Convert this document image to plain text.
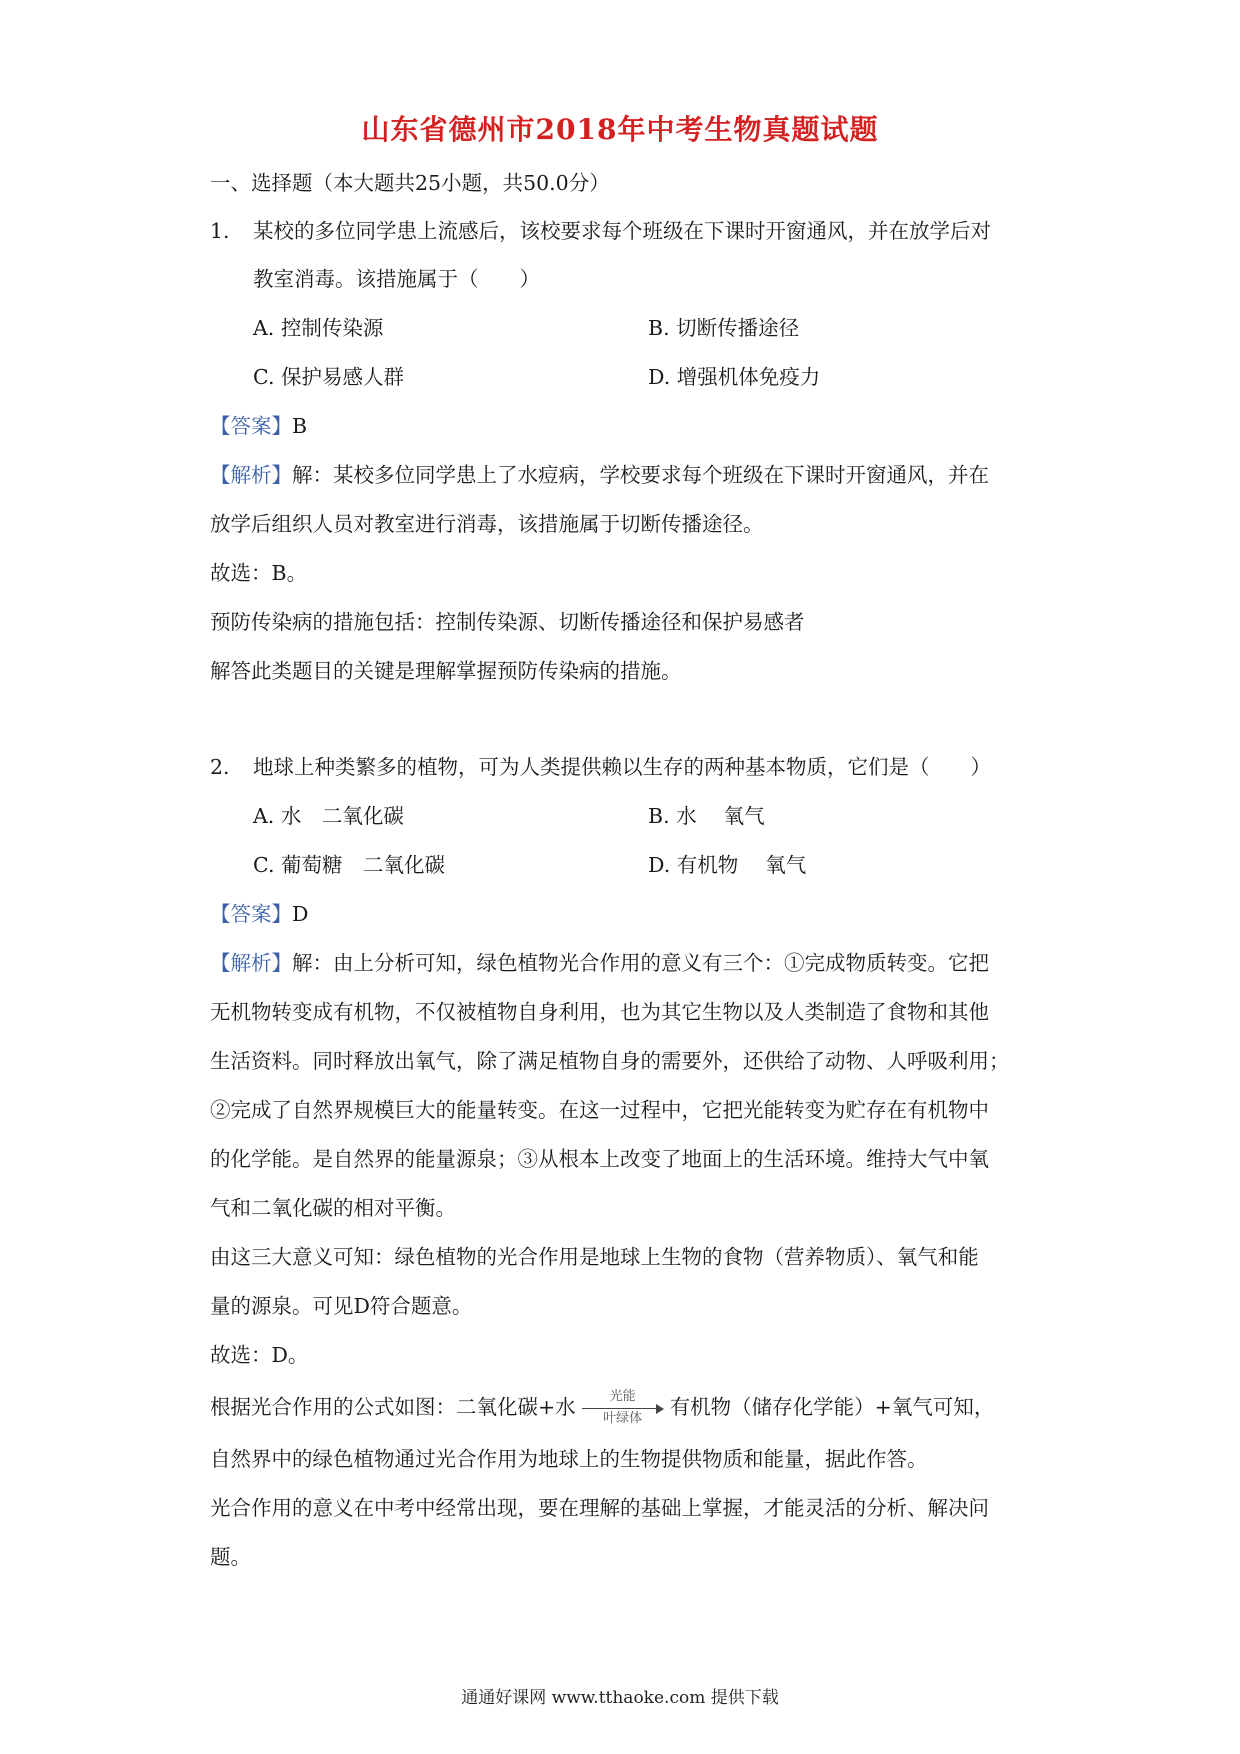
山东省德州市2018年中考生物真题试题
一、选择题（本大题共25小题，共50.0分）
1. 某校的多位同学患上流感后，该校要求每个班级在下课时开窗通风，并在放学后对
教室消毒。该措施属于（　　）
A. 控制传染源	B. 切断传播途径
C. 保护易感人群	D. 增强机体免疫力
【答案】B
【解析】解：某校多位同学患上了水痘病，学校要求每个班级在下课时开窗通风，并在
放学后组织人员对教室进行消毒，该措施属于切断传播途径。
故选：B。
预防传染病的措施包括：控制传染源、切断传播途径和保护易感者
解答此类题目的关键是理解掌握预防传染病的措施。
2. 地球上种类繁多的植物，可为人类提供赖以生存的两种基本物质，它们是（　　）
A. 水　二氧化碳	B. 水　 氧气
C. 葡萄糖　二氧化碳	D. 有机物　 氧气
【答案】D
【解析】解：由上分析可知，绿色植物光合作用的意义有三个：①完成物质转变。它把
无机物转变成有机物，不仅被植物自身利用，也为其它生物以及人类制造了食物和其他
生活资料。同时释放出氧气，除了满足植物自身的需要外，还供给了动物、人呼吸利用；
②完成了自然界规模巨大的能量转变。在这一过程中，它把光能转变为贮存在有机物中
的化学能。是自然界的能量源泉；③从根本上改变了地面上的生活环境。维持大气中氧
气和二氧化碳的相对平衡。
由这三大意义可知：绿色植物的光合作用是地球上生物的食物（营养物质）、氧气和能
量的源泉。可见D符合题意。
故选：D。
根据光合作用的公式如图：二氧化碳+水	光能
叶绿体	有机物（储存化学能）+氧气可知，
自然界中的绿色植物通过光合作用为地球上的生物提供物质和能量，据此作答。
光合作用的意义在中考中经常出现，要在理解的基础上掌握，才能灵活的分析、解决问
题。
通通好课网 www.tthaoke.com 提供下载
